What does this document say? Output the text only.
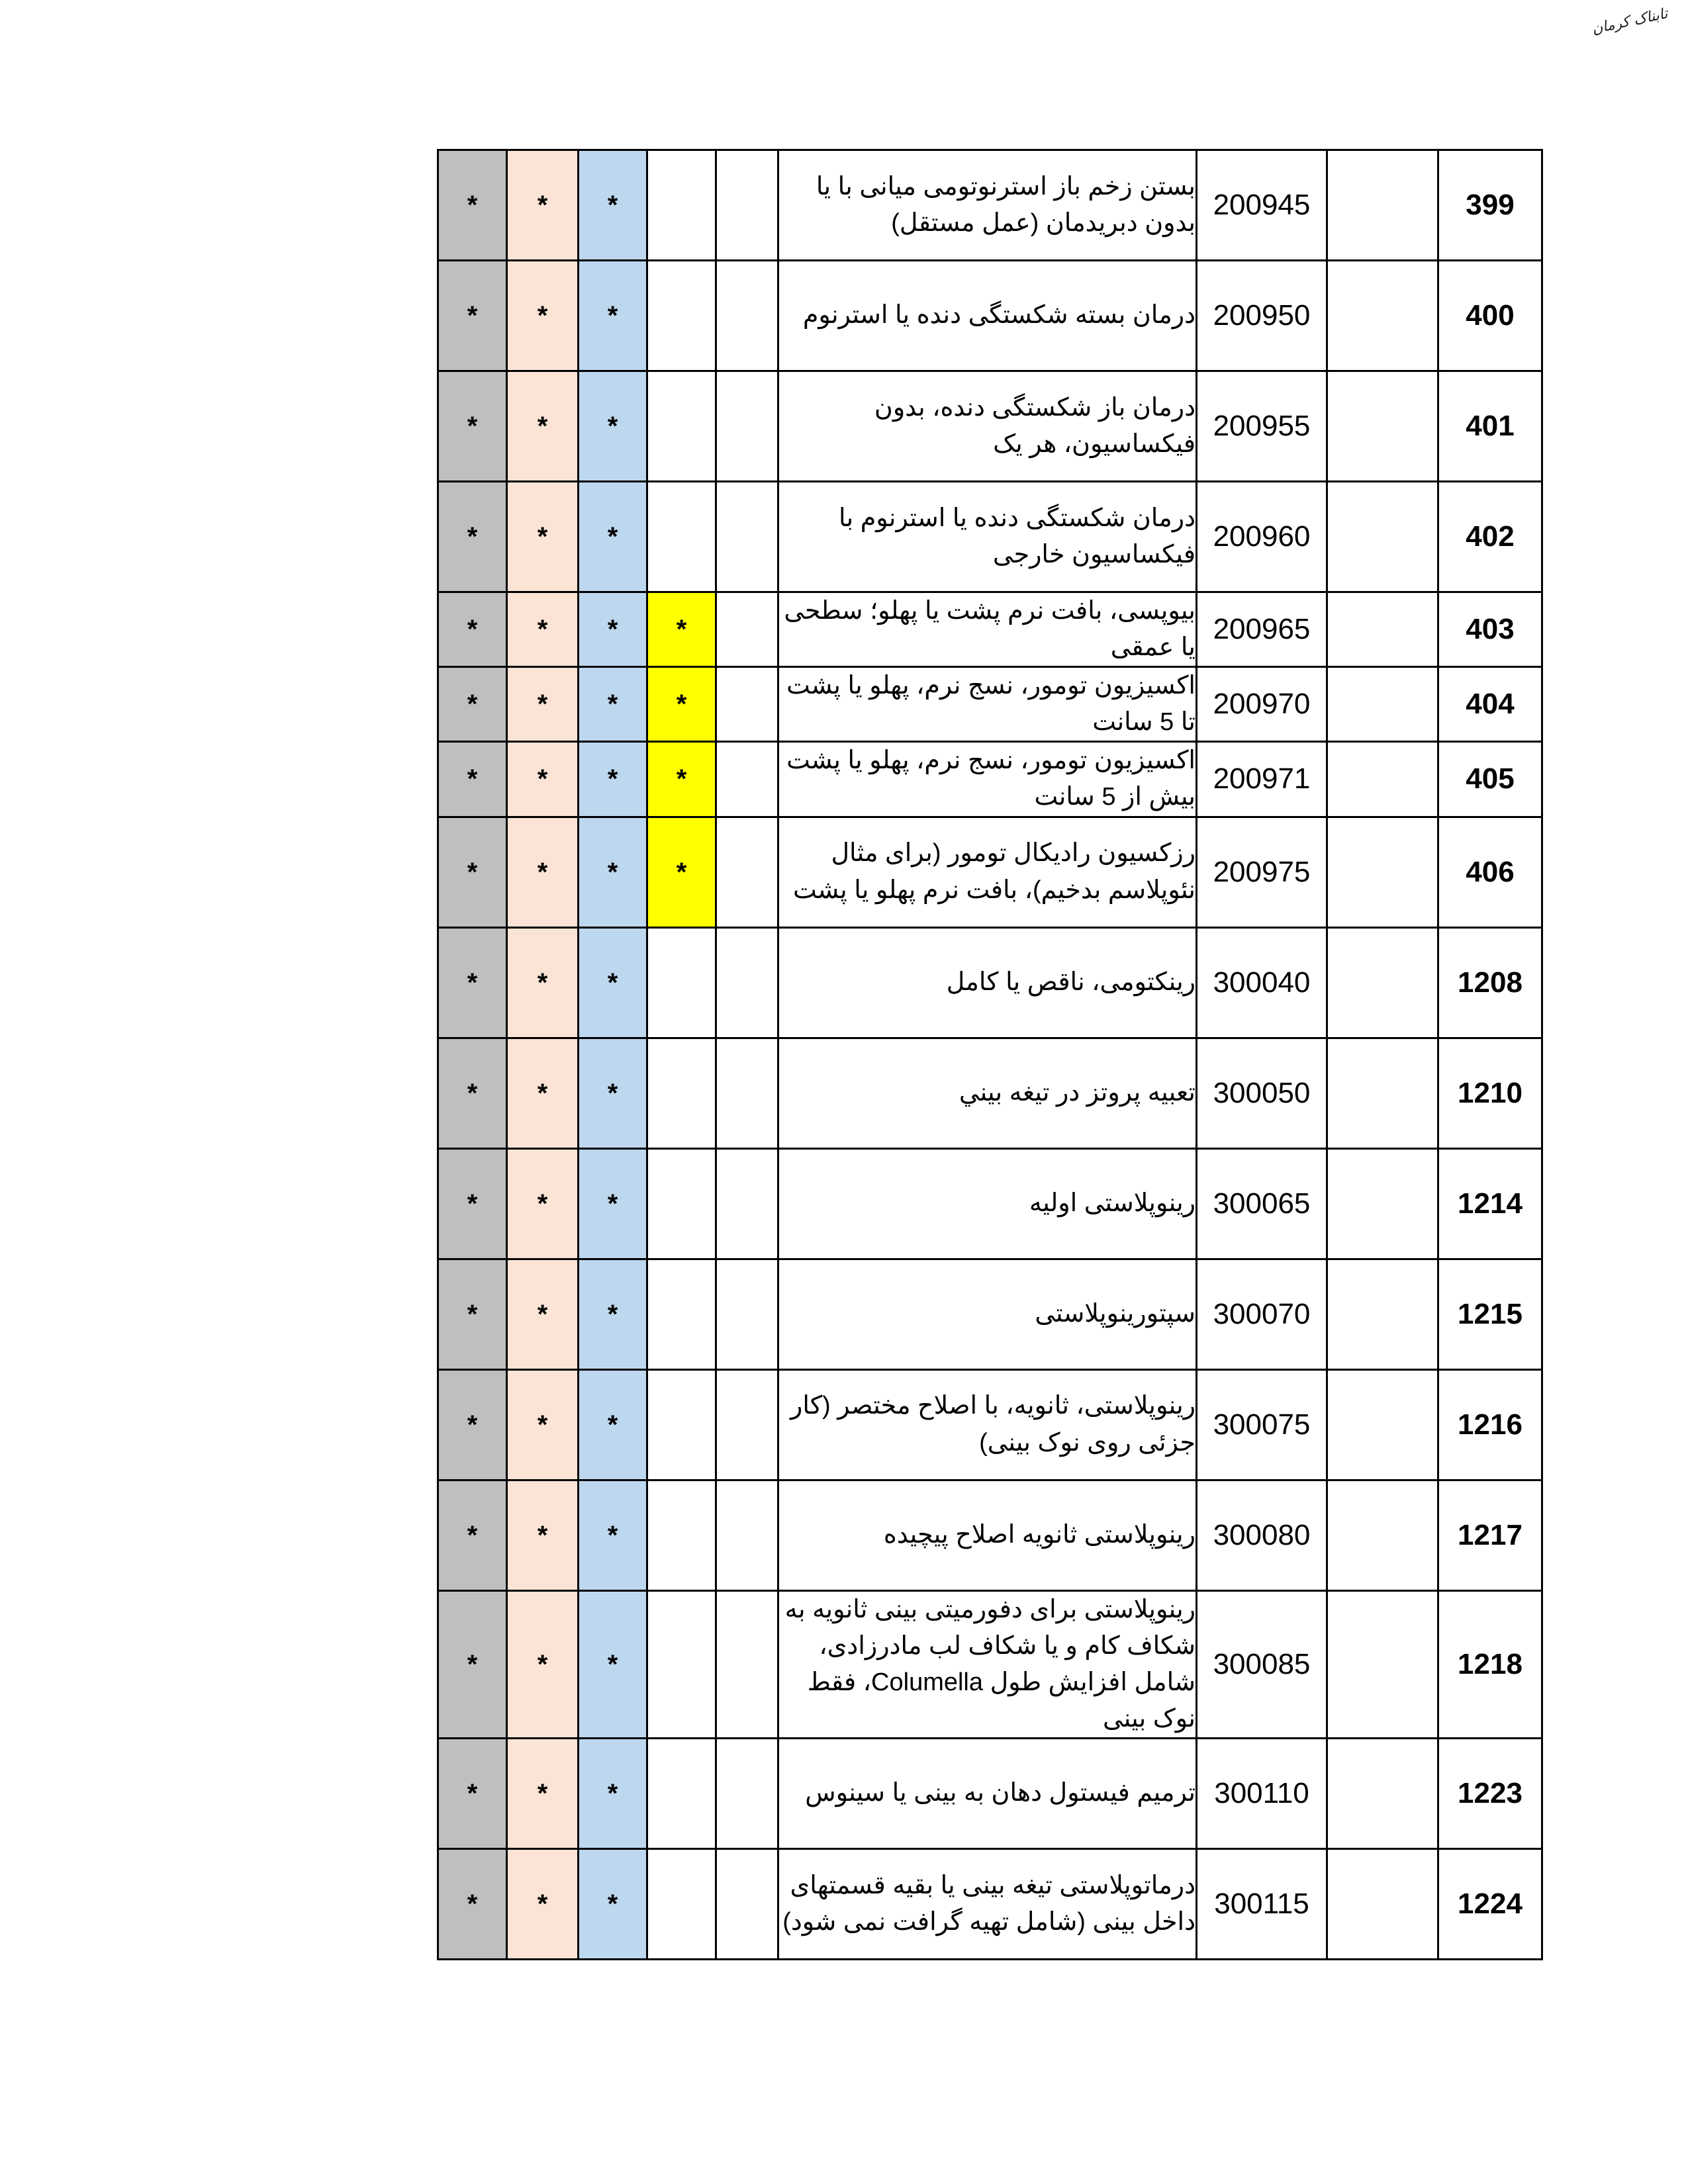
تابناک کرمان
*	*	*			بستن زخم باز استرنوتومی میانی با یا بدون دبریدمان (عمل مستقل)	200945		399

*	*	*			درمان بسته شکستگی دنده یا استرنوم	200950		400

*	*	*			درمان باز شکستگی دنده، بدون فیکساسیون، هر یک	200955		401

*	*	*			درمان شکستگی دنده یا استرنوم با فیکساسیون خارجی	200960		402

*	*	*	*		بیوپسی، بافت نرم پشت یا پهلو؛ سطحی یا عمقی	200965		403

*	*	*	*		اکسیزیون تومور، نسج نرم، پهلو یا پشت تا 5 سانت	200970		404

*	*	*	*		اکسیزیون تومور، نسج نرم، پهلو یا پشت بیش از 5 سانت	200971		405

*	*	*	*		رزکسیون رادیکال تومور (برای مثال نئوپلاسم بدخیم)، بافت نرم پهلو یا پشت	200975		406

*	*	*			رینکتومی، ناقص یا کامل	300040		1208

*	*	*			تعبیه پروتز در تیغه بيني	300050		1210

*	*	*			رینوپلاستی اولیه	300065		1214

*	*	*			سپتورینوپلاستی	300070		1215

*	*	*			رینوپلاستی، ثانویه، با اصلاح مختصر (کار جزئی روی نوک بینی)	300075		1216

*	*	*			رینوپلاستی ثانویه اصلاح پیچیده	300080		1217

*	*	*			رینوپلاستی برای دفورمیتی بینی ثانویه به شکاف کام و یا شکاف لب مادرزادی، شامل افزایش طول Columella، فقط نوک بینی	300085		1218

*	*	*			ترمیم فیستول دهان به بینی یا سینوس	300110		1223

*	*	*			درماتوپلاستی تیغه بینی یا بقیه قسمتهای داخل بینی (شامل تهیه گرافت نمی شود)	300115		1224
